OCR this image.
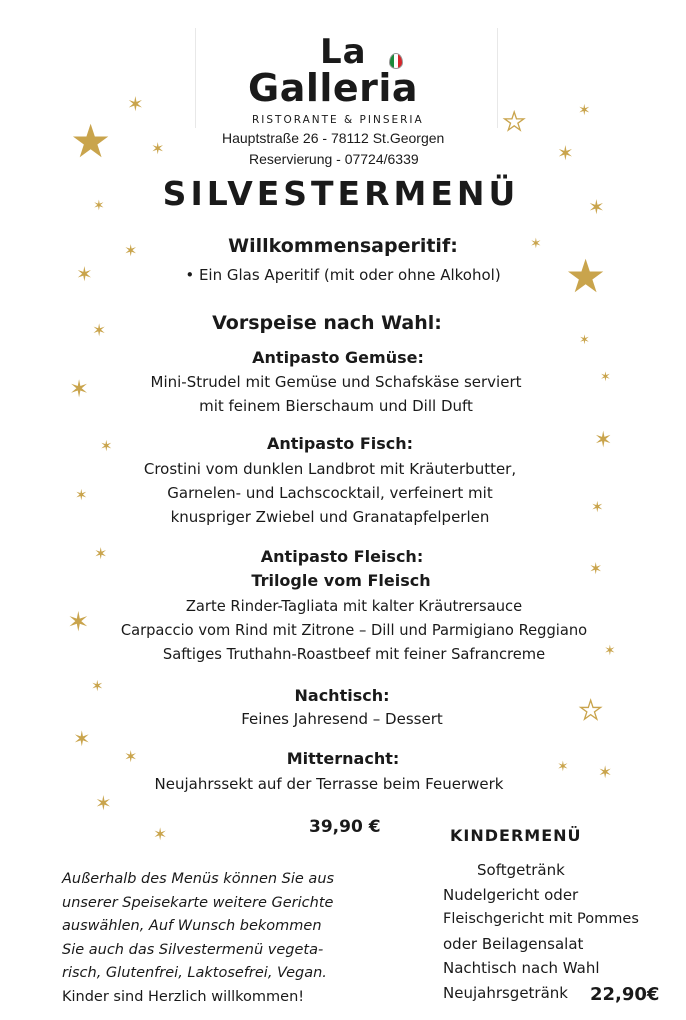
★
✶
✶
✶
✶
✶
✶
✶
✶
✶
✶
✶
✶
✶
✶
✶
✶
✶
★
✶
✶
✶
★
✶
✶
✶
✶
✶
✶
★
✶ ✶
La
Galleria
RISTORANTE & PINSERIA
Hauptstraße 26 - 78112 St.Georgen
Reservierung - 07724/6339
SILVESTERMENÜ
Willkommensaperitif:
• Ein Glas Aperitif (mit oder ohne Alkohol)
Vorspeise nach Wahl:
Antipasto Gemüse:
Mini-Strudel mit Gemüse und Schafskäse serviert
mit feinem Bierschaum und Dill Duft
Antipasto Fisch:
Crostini vom dunklen Landbrot mit Kräuterbutter,
Garnelen- und Lachscocktail, verfeinert mit
knuspriger Zwiebel und Granatapfelperlen
Antipasto Fleisch:
Trilogle vom Fleisch
Zarte Rinder-Tagliata mit kalter Kräutrersauce
Carpaccio vom Rind mit Zitrone – Dill und Parmigiano Reggiano
Saftiges Truthahn-Roastbeef mit feiner Safrancreme
Nachtisch:
Feines Jahresend – Dessert
Mitternacht:
Neujahrssekt auf der Terrasse beim Feuerwerk
39,90 €	KINDERMENÜ
Softgetränk
Nudelgericht oder
Fleischgericht mit Pommes
oder Beilagensalat
Nachtisch nach Wahl
Neujahrsgetränk 22,90€
Außerhalb des Menüs können Sie aus
unserer Speisekarte weitere Gerichte
auswählen, Auf Wunsch bekommen
Sie auch das Silvestermenü vegeta-
risch, Glutenfrei, Laktosefrei, Vegan.
Kinder sind Herzlich willkommen!
